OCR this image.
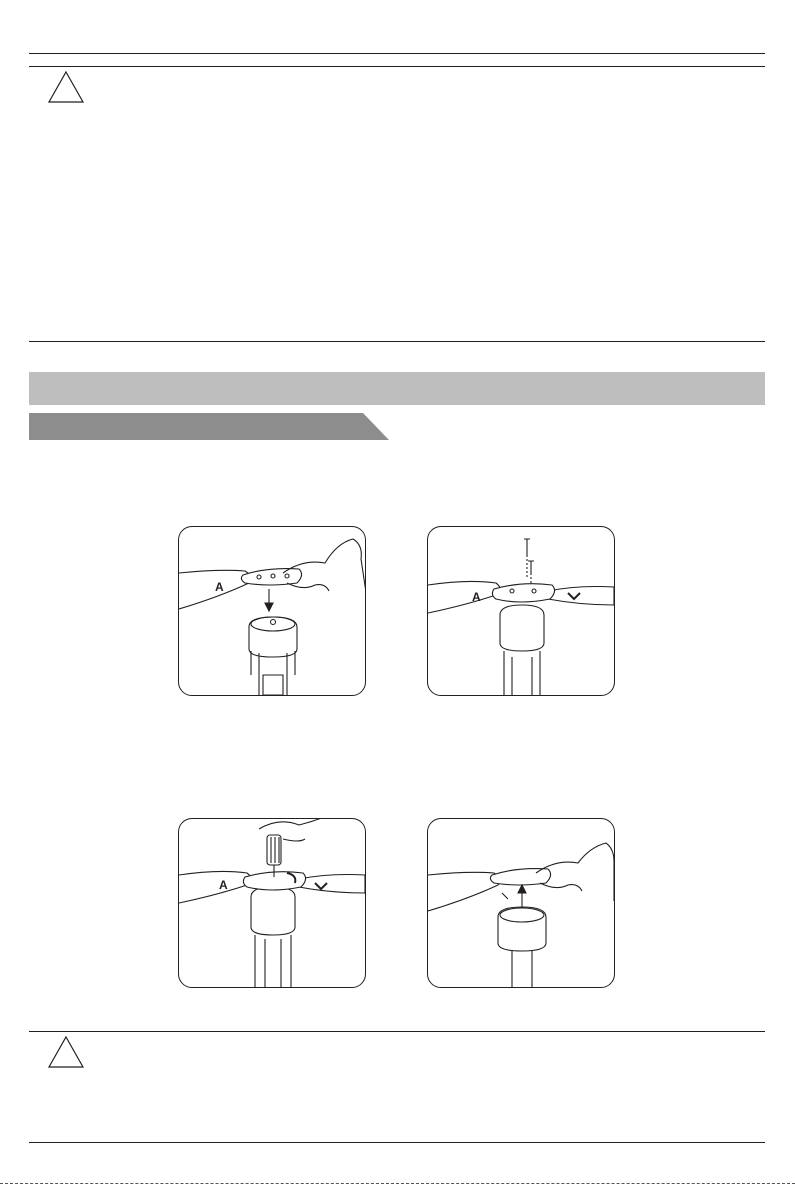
A
A
A
